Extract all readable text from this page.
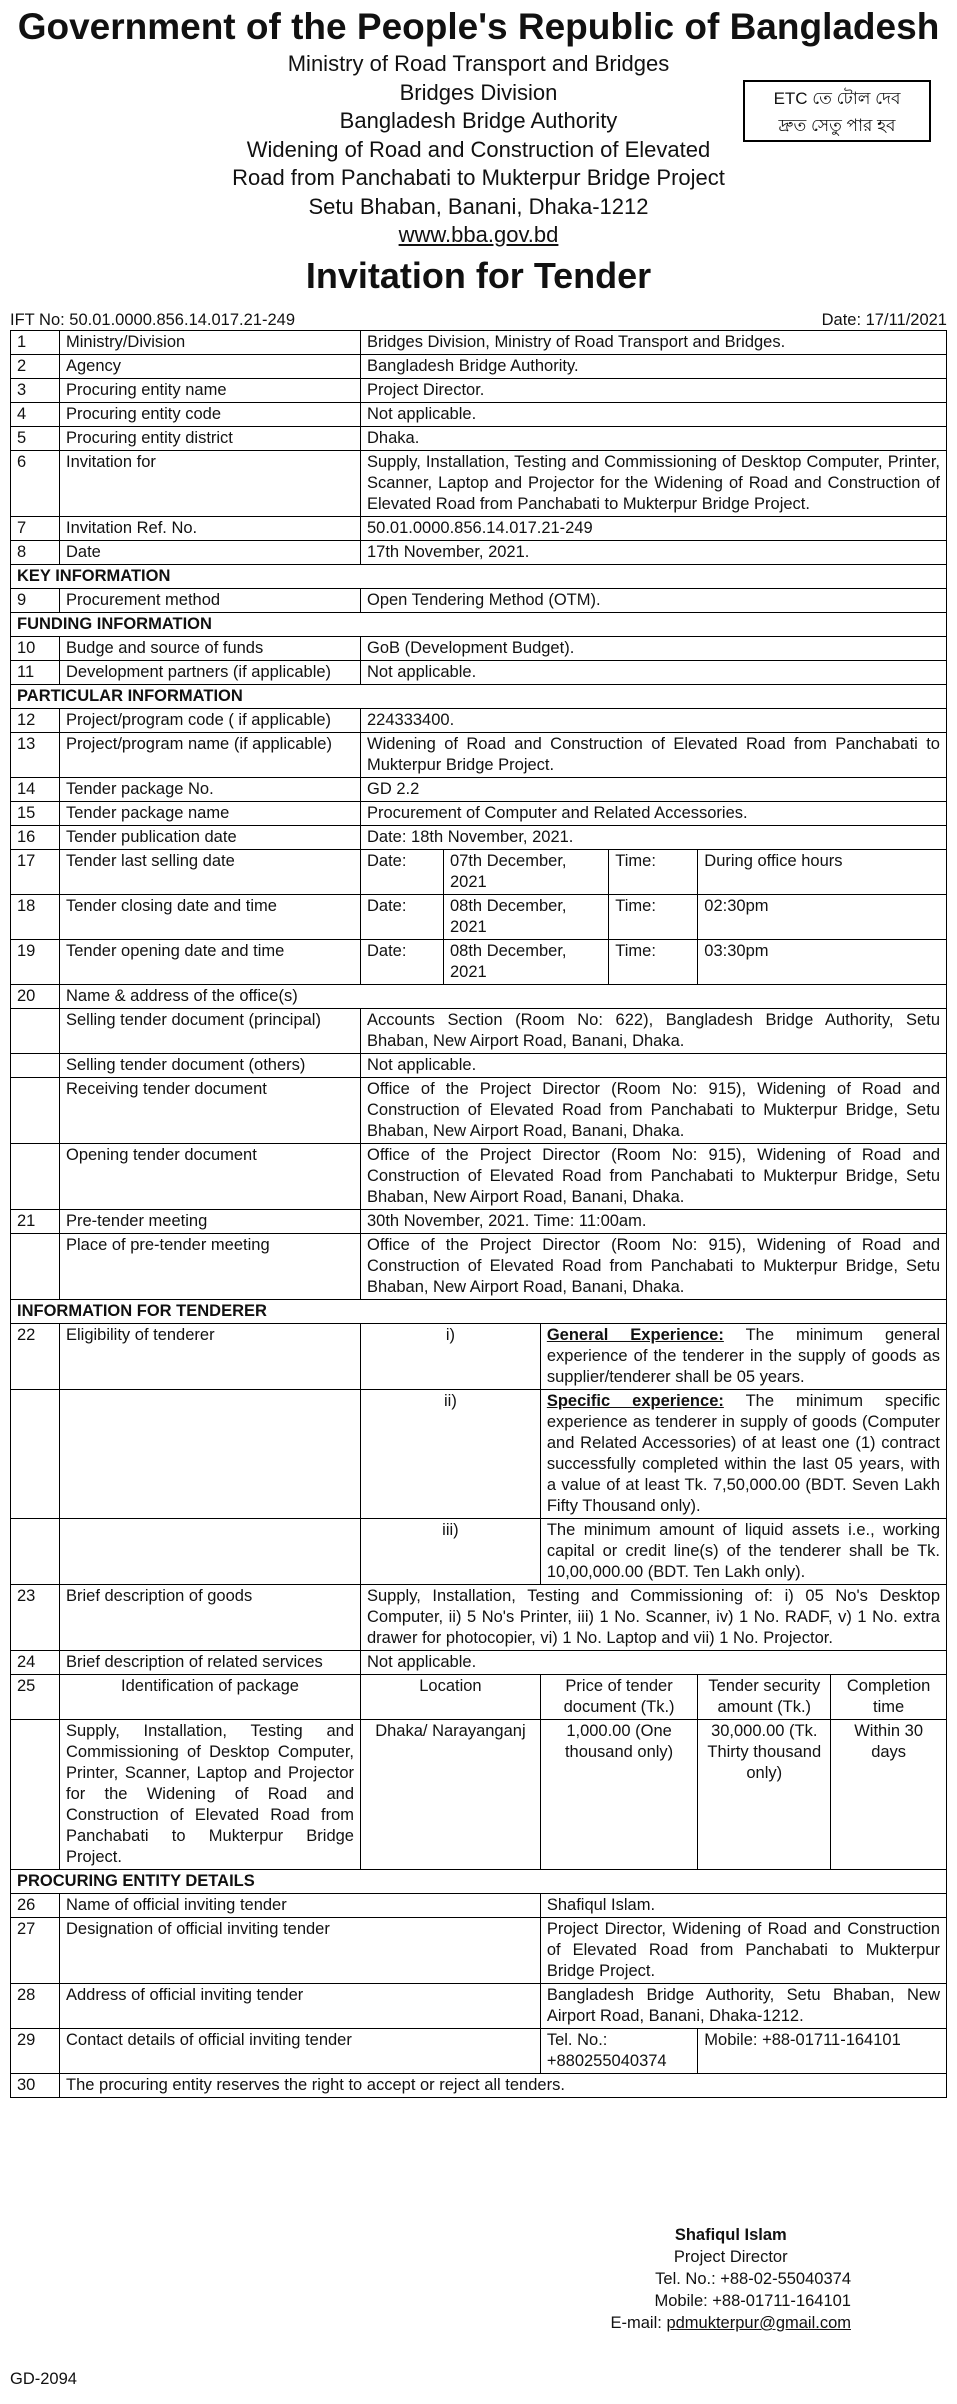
Government of the People's Republic of Bangladesh
Ministry of Road Transport and Bridges
Bridges Division
Bangladesh Bridge Authority
Widening of Road and Construction of Elevated
Road from Panchabati to Mukterpur Bridge Project
Setu Bhaban, Banani, Dhaka-1212
www.bba.gov.bd
Invitation for Tender
ETC তে টোল দেব
দ্রুত সেতু পার হব
IFT No: 50.01.0000.856.14.017.21-249	Date: 17/11/2021
1	Ministry/Division	Bridges Division, Ministry of Road Transport and Bridges.					
2	Agency	Bangladesh Bridge Authority.					
3	Procuring entity name	Project Director.					
4	Procuring entity code	Not applicable.					
5	Procuring entity district	Dhaka.					
6	Invitation for	Supply, Installation, Testing and Commissioning of Desktop Computer, Printer, Scanner, Laptop and Projector for the Widening of Road and Construction of Elevated Road from Panchabati to Mukterpur Bridge Project.					
7	Invitation Ref. No.	50.01.0000.856.14.017.21-249					
8	Date	17th November, 2021.					
KEY INFORMATION							
9	Procurement method	Open Tendering Method (OTM).					
FUNDING INFORMATION							
10	Budge and source of funds	GoB (Development Budget).					
11	Development partners (if applicable)	Not applicable.					
PARTICULAR INFORMATION							
12	Project/program code ( if applicable)	224333400.					
13	Project/program name (if applicable)	Widening of Road and Construction of Elevated Road from Panchabati to Mukterpur Bridge Project.					
14	Tender package No.	GD 2.2					
15	Tender package name	Procurement of Computer and Related Accessories.					
16	Tender publication date	Date: 18th November, 2021.					
17	Tender last selling date	Date:	07th December, 2021		Time:	During office hours	
18	Tender closing date and time	Date:	08th December, 2021		Time:	02:30pm	
19	Tender opening date and time	Date:	08th December, 2021		Time:	03:30pm	
20	Name & address of the office(s)						
	Selling tender document (principal)	Accounts Section (Room No: 622), Bangladesh Bridge Authority, Setu Bhaban, New Airport Road, Banani, Dhaka.					
	Selling tender document (others)	Not applicable.					
	Receiving tender document	Office of the Project Director (Room No: 915), Widening of Road and Construction of Elevated Road from Panchabati to Mukterpur Bridge, Setu Bhaban, New Airport Road, Banani, Dhaka.					
	Opening tender document	Office of the Project Director (Room No: 915), Widening of Road and Construction of Elevated Road from Panchabati to Mukterpur Bridge, Setu Bhaban, New Airport Road, Banani, Dhaka.					
21	Pre-tender meeting	30th November, 2021. Time: 11:00am.					
	Place of pre-tender meeting	Office of the Project Director (Room No: 915), Widening of Road and Construction of Elevated Road from Panchabati to Mukterpur Bridge, Setu Bhaban, New Airport Road, Banani, Dhaka.					
INFORMATION FOR TENDERER							
22	Eligibility of tenderer	i)		General Experience: The minimum general experience of the tenderer in the supply of goods as supplier/tenderer shall be 05 years.			
		ii)		Specific experience: The minimum specific experience as tenderer in supply of goods (Computer and Related Accessories) of at least one (1) contract successfully completed within the last 05 years, with a value of at least Tk. 7,50,000.00 (BDT. Seven Lakh Fifty Thousand only).			
		iii)		The minimum amount of liquid assets i.e., working capital or credit line(s) of the tenderer shall be Tk. 10,00,000.00 (BDT. Ten Lakh only).			
23	Brief description of goods	Supply, Installation, Testing and Commissioning of: i) 05 No's Desktop Computer, ii) 5 No's Printer, iii) 1 No. Scanner, iv) 1 No. RADF, v) 1 No. extra drawer for photocopier, vi) 1 No. Laptop and vii) 1 No. Projector.					
24	Brief description of related services	Not applicable.					
25	Identification of package	Location		Price of tender document (Tk.)		Tender security amount (Tk.)	Completion time
	Supply, Installation, Testing and Commissioning of Desktop Computer, Printer, Scanner, Laptop and Projector for the Widening of Road and Construction of Elevated Road from Panchabati to Mukterpur Bridge Project.	Dhaka/ Narayanganj		1,000.00 (One thousand only)		30,000.00 (Tk. Thirty thousand only)	Within 30 days
PROCURING ENTITY DETAILS							
26	Name of official inviting tender			Shafiqul Islam.			
27	Designation of official inviting tender			Project Director, Widening of Road and Construction of Elevated Road from Panchabati to Mukterpur Bridge Project.			
28	Address of official inviting tender			Bangladesh Bridge Authority, Setu Bhaban, New Airport Road, Banani, Dhaka-1212.			
29	Contact details of official inviting tender			Tel. No.: +880255040374		Mobile: +88-01711-164101	
30	The procuring entity reserves the right to accept or reject all tenders.						
Shafiqul Islam
Project Director
Tel. No.: +88-02-55040374
Mobile: +88-01711-164101
E-mail: pdmukterpur@gmail.com
GD-2094
